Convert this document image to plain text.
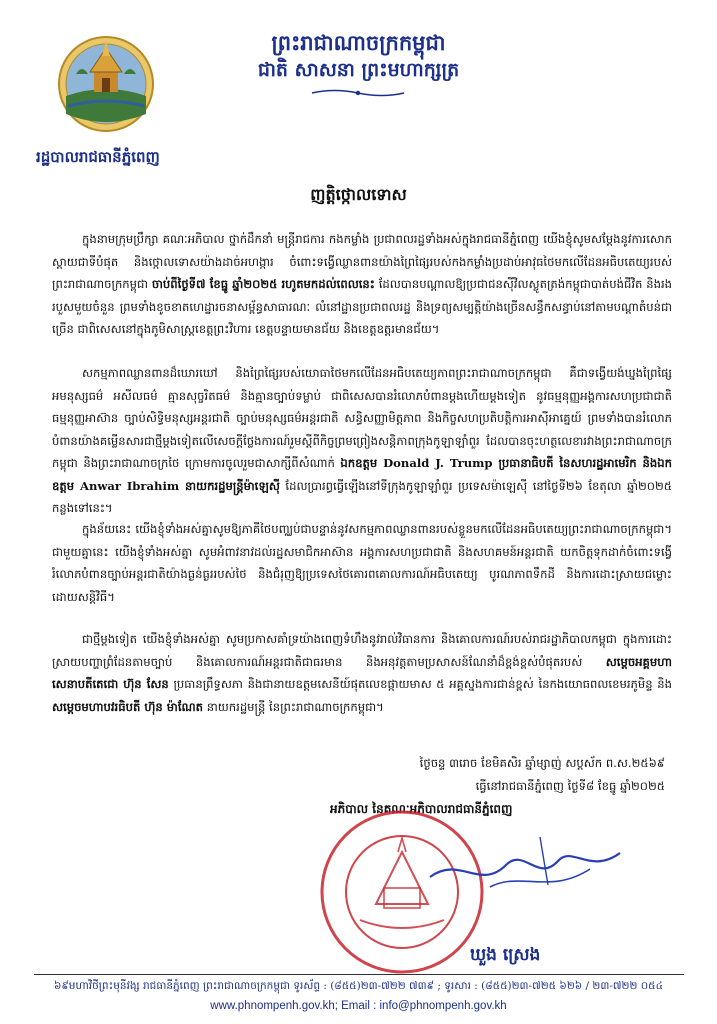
ព្រះរាជាណាចក្រកម្ពុជា
ជាតិ សាសនា ព្រះមហាក្សត្រ
រដ្ឋបាលរាជធានីភ្នំពេញ
ញត្តិថ្កោលទោស
ក្នុងនាមក្រុមប្រឹក្សា គណៈអភិបាល ថ្នាក់ដឹកនាំ មន្ត្រីរាជការ កងកម្លាំង ប្រជាពលរដ្ឋទាំងអស់ក្នុងរាជធានីភ្នំពេញ យើងខ្ញុំសូមសម្តែងនូវការសោកស្តាយជាទីបំផុត និងថ្កោលទោសយ៉ាងដាច់អហង្ការ ចំពោះទង្វើឈ្លានពានយ៉ាងព្រៃផ្សៃរបស់កងកម្លាំងប្រដាប់អាវុធថៃមកលើដែនអធិបតេយ្យរបស់ព្រះរាជាណាចក្រកម្ពុជា ចាប់ពីថ្ងៃទី៧ ខែធ្នូ ឆ្នាំ២០២៥ រហូតមកដល់ពេលនេះ ដែលបានបណ្តាលឱ្យប្រជាជនស៊ីវិលស្លូតត្រង់កម្ពុជាបាត់បង់ជីវិត និងរងរបួសមួយចំនួន ព្រមទាំងខូចខាតហេដ្ឋារចនាសម្ព័ន្ធសាធារណៈ លំនៅដ្ឋានប្រជាពលរដ្ឋ និងទ្រព្យសម្បត្តិយ៉ាងច្រើនសន្ធឹកសន្ធាប់នៅតាមបណ្តាតំបន់ជាច្រើន ជាពិសេសនៅក្នុងភូមិសាស្ត្រខេត្តព្រះវិហារ ខេត្តបន្ទាយមានជ័យ និងខេត្តឧត្តរមានជ័យ។
សកម្មភាពឈ្លានពានដ៏ឃោរឃៅ និងព្រៃផ្សៃរបស់យោធាថៃមកលើដែនអធិបតេយ្យភាពព្រះរាជាណាចក្រកម្ពុជា គឺជាទង្វើយង់ឃ្នងព្រៃផ្សៃ អមនុស្សធម៌ អសីលធម៌ គ្មានសុច្ចរិតធម៌ និងគ្មានច្បាប់ទម្លាប់ ជាពិសេសបានរំលោភបំពានម្តងហើយម្តងទៀត នូវធម្មនុញ្ញអង្គការសហប្រជាជាតិ ធម្មនុញ្ញអាស៊ាន ច្បាប់សិទ្ធិមនុស្សអន្តរជាតិ ច្បាប់មនុស្សធម៌អន្តរជាតិ សន្ធិសញ្ញាមិត្តភាព និងកិច្ចសហប្រតិបត្តិការអាស៊ីអាគ្នេយ៍ ព្រមទាំងបានរំលោភបំពានយ៉ាងគម្លើនសារជាថ្មីម្តងទៀតលើសេចក្តីថ្លែងការណ៍រួមស្តីពីកិច្ចព្រមព្រៀងសន្តិភាពក្រុងកូឡាឡាំពួរ ដែលបានចុះហត្ថលេខារវាងព្រះរាជាណាចក្រកម្ពុជា និងព្រះរាជាណាចក្រថៃ ក្រោមការចូលរួមជាសាក្សីពីសំណាក់ ឯកឧត្តម Donald J. Trump ប្រធានាធិបតី នៃសហរដ្ឋអាមេរិក និងឯកឧត្តម Anwar Ibrahim នាយករដ្ឋមន្ត្រីម៉ាឡេស៊ី ដែលប្រារព្ធធ្វើឡើងនៅទីក្រុងកូឡាឡាំពួរ ប្រទេសម៉ាឡេស៊ី នៅថ្ងៃទី២៦ ខែតុលា ឆ្នាំ២០២៥ កន្លងទៅនេះ។
ក្នុងន័យនេះ យើងខ្ញុំទាំងអស់គ្នាសូមឱ្យភាគីថៃបញ្ឈប់ជាបន្ទាន់នូវសកម្មភាពឈ្លានពានរបស់ខ្លួនមកលើដែនអធិបតេយ្យព្រះរាជាណាចក្រកម្ពុជា។ ជាមួយគ្នានេះ យើងខ្ញុំទាំងអស់គ្នា សូមអំពាវនាវដល់រដ្ឋសមាជិកអាស៊ាន អង្គការសហប្រជាជាតិ និងសហគមន៍អន្តរជាតិ យកចិត្តទុកដាក់ចំពោះទង្វើរំលោភបំពានច្បាប់អន្តរជាតិយ៉ាងធ្ងន់ធ្ងររបស់ថៃ និងជំរុញឱ្យប្រទេសថៃគោរពគោលការណ៍អធិបតេយ្យ បូរណភាពទឹកដី និងការដោះស្រាយជម្លោះដោយសន្តិវិធី។
ជាថ្មីម្តងទៀត យើងខ្ញុំទាំងអស់គ្នា សូមប្រកាសគាំទ្រយ៉ាងពេញទំហឹងនូវរាល់វិធានការ និងគោលការណ៍របស់រាជរដ្ឋាភិបាលកម្ពុជា ក្នុងការដោះស្រាយបញ្ហាព្រំដែនតាមច្បាប់ និងគោលការណ៍អន្តរជាតិជាធរមាន និងអនុវត្តតាមប្រសាសន៍ណែនាំដ៏ខ្ពង់ខ្ពស់បំផុតរបស់ សម្តេចអគ្គមហាសេនាបតីតេជោ ហ៊ុន សែន ប្រធានព្រឹទ្ធសភា និងជានាយឧត្តមសេនីយ៍ផុតលេខផ្កាយមាស ៥ អគ្គស្នងការជាន់ខ្ពស់ នៃកងយោធពលខេមរភូមិន្ទ និងសម្តេចមហាបវរធិបតី ហ៊ុន ម៉ាណែត នាយករដ្ឋមន្ត្រី នៃព្រះរាជាណាចក្រកម្ពុជា។
ថ្ងៃចន្ទ ៣រោច ខែមិគសិរ ឆ្នាំម្សាញ់ សប្តស័ក ព.ស.២៥៦៩
ធ្វើនៅរាជធានីភ្នំពេញ ថ្ងៃទី៨ ខែធ្នូ ឆ្នាំ២០២៥
អភិបាល នៃគណៈអភិបាលរាជធានីភ្នំពេញ
ឃួង ស្រេង
៦៩មហាវិថីព្រះមុនីវង្ស រាជធានីភ្នំពេញ ព្រះរាជាណាចក្រកម្ពុជា ទូរស័ព្ទ : (៨៥៥)២៣-៧២២ ៧៣៩ ; ទូរសារ : (៨៥៥)២៣-៧២៥ ៦២៦ / ២៣-៧២២ ០៥៤
www.phnompenh.gov.kh; Email : info@phnompenh.gov.kh
